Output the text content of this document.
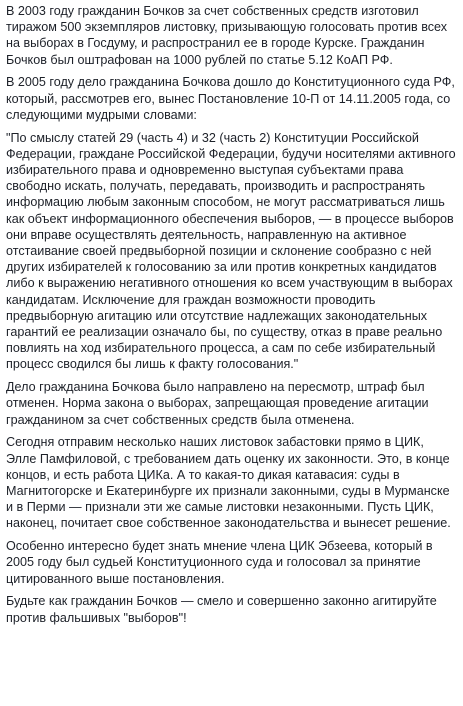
В 2003 году гражданин Бочков за счет собственных средств изготовил тиражом 500 экземпляров листовку, призывающую голосовать против всех на выборах в Госдуму, и распространил ее в городе Курске. Гражданин Бочков был оштрафован на 1000 рублей по статье 5.12 КоАП РФ.

В 2005 году дело гражданина Бочкова дошло до Конституционного суда РФ, который, рассмотрев его, вынес Постановление 10-П от 14.11.2005 года, со следующими мудрыми словами:

"По смыслу статей 29 (часть 4) и 32 (часть 2) Конституции Российской Федерации, граждане Российской Федерации, будучи носителями активного избирательного права и одновременно выступая субъектами права свободно искать, получать, передавать, производить и распространять информацию любым законным способом, не могут рассматриваться лишь как объект информационного обеспечения выборов, — в процессе выборов они вправе осуществлять деятельность, направленную на активное отстаивание своей предвыборной позиции и склонение сообразно с ней других избирателей к голосованию за или против конкретных кандидатов либо к выражению негативного отношения ко всем участвующим в выборах кандидатам. Исключение для граждан возможности проводить предвыборную агитацию или отсутствие надлежащих законодательных гарантий ее реализации означало бы, по существу, отказ в праве реально повлиять на ход избирательного процесса, а сам по себе избирательный процесс сводился бы лишь к факту голосования."

Дело гражданина Бочкова было направлено на пересмотр, штраф был отменен. Норма закона о выборах, запрещающая проведение агитации гражданином за счет собственных средств была отменена.

Сегодня отправим несколько наших листовок забастовки прямо в ЦИК, Элле Памфиловой, с требованием дать оценку их законности. Это, в конце концов, и есть работа ЦИКа. А то какая-то дикая катавасия: суды в Магнитогорске и Екатеринбурге их признали законными, суды в Мурманске и в Перми — признали эти же самые листовки незаконными. Пусть ЦИК, наконец, почитает свое собственное законодательства и вынесет решение.

Особенно интересно будет знать мнение члена ЦИК Эбзеева, который в 2005 году был судьей Конституционного суда и голосовал за принятие цитированного выше постановления.

Будьте как гражданин Бочков — смело и совершенно законно агитируйте против фальшивых "выборов"!
